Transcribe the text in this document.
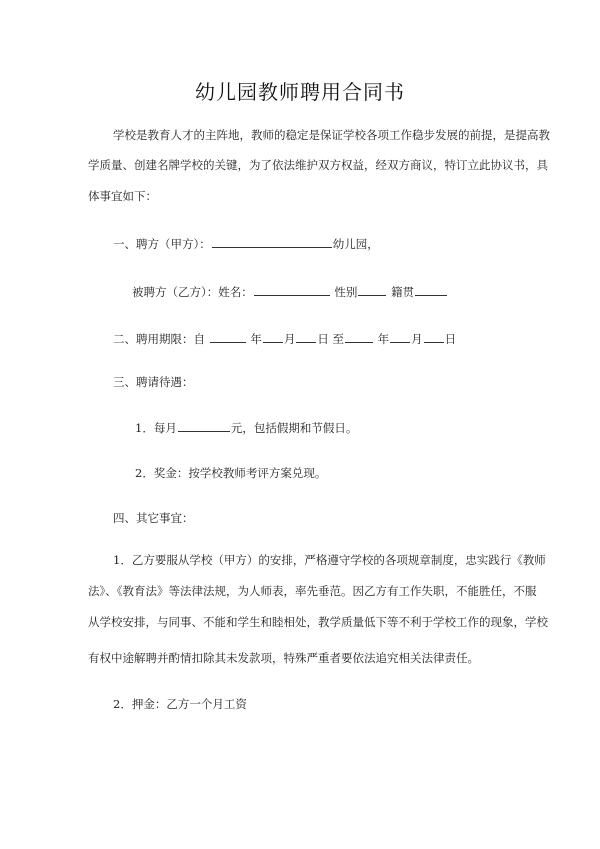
幼儿园教师聘用合同书
学校是教育人才的主阵地，教师的稳定是保证学校各项工作稳步发展的前提，是提高教
学质量、创建名牌学校的关键，为了依法维护双方权益，经双方商议，特订立此协议书，具
体事宜如下：
一、聘方（甲方）：	幼儿园，
被聘方（乙方）：姓名：	性别	籍贯
二、聘用期限：自	年 月 日 至	年 月 日
三、聘请待遇：
1．每月	元，包括假期和节假日。
2．奖金：按学校教师考评方案兑现。
四、其它事宜：
1．乙方要服从学校（甲方）的安排，严格遵守学校的各项规章制度，忠实践行《教师
法》、《教育法》等法律法规，为人师表，率先垂范。因乙方有工作失职，不能胜任，不服
从学校安排，与同事、不能和学生和睦相处，教学质量低下等不利于学校工作的现象，学校
有权中途解聘并酌情扣除其未发款项，特殊严重者要依法追究相关法律责任。
2．押金：乙方一个月工资
